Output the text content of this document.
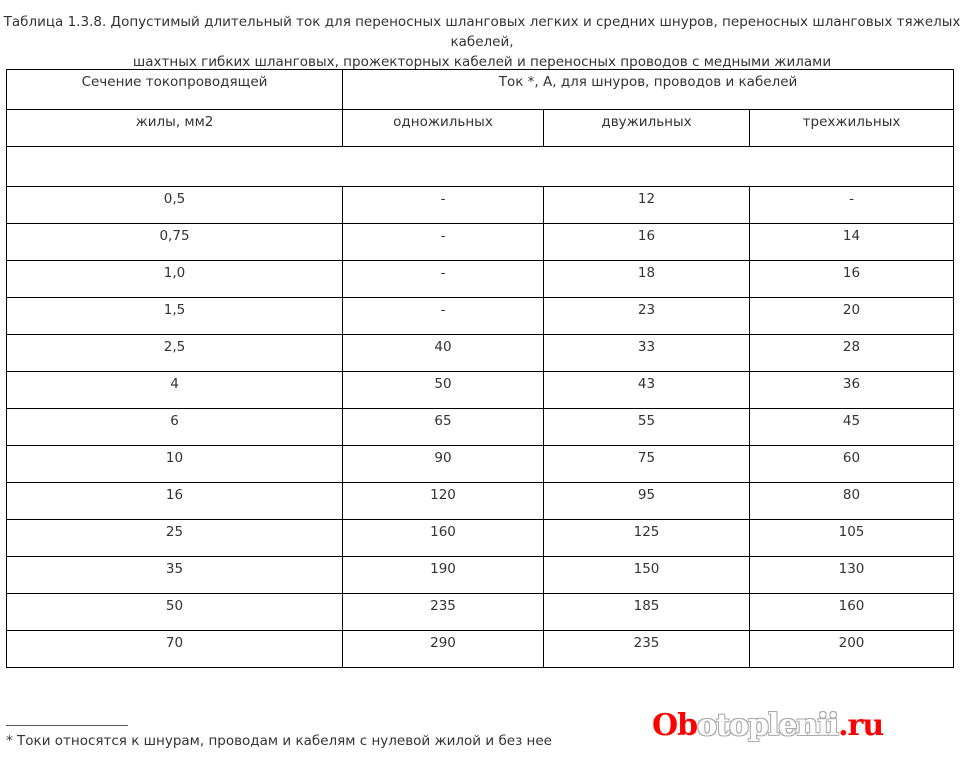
Таблица 1.3.8. Допустимый длительный ток для переносных шланговых легких и средних шнуров, переносных шланговых тяжелых кабелей,
шахтных гибких шланговых, прожекторных кабелей и переносных проводов с медными жилами
Сечение токопроводящей	Ток *, А, для шнуров, проводов и кабелей		
жилы, мм2	одножильных	двужильных	трехжильных

0,5	-	12	-
0,75	-	16	14
1,0	-	18	16
1,5	-	23	20
2,5	40	33	28
4	50	43	36
6	65	55	45
10	90	75	60
16	120	95	80
25	160	125	105
35	190	150	130
50	235	185	160
70	290	235	200
* Токи относятся к шнурам, проводам и кабелям с нулевой жилой и без нее	Obotoplenii.ru
